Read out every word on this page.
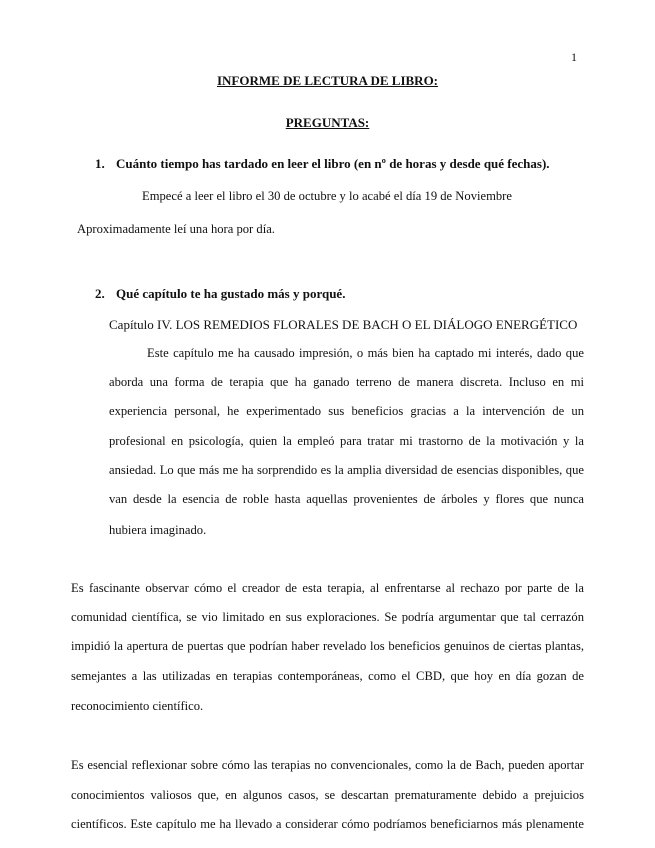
1
INFORME DE LECTURA DE LIBRO:
PREGUNTAS:
1. Cuánto tiempo has tardado en leer el libro (en nº de horas y desde qué fechas).
Empecé a leer el libro el 30 de octubre y lo acabé el día 19 de Noviembre
Aproximadamente leí una hora por día.
2. Qué capítulo te ha gustado más y porqué.
Capítulo IV. LOS REMEDIOS FLORALES DE BACH O EL DIÁLOGO ENERGÉTICO
Este capítulo me ha causado impresión, o más bien ha captado mi interés, dado que
aborda una forma de terapia que ha ganado terreno de manera discreta. Incluso en mi
experiencia personal, he experimentado sus beneficios gracias a la intervención de un
profesional en psicología, quien la empleó para tratar mi trastorno de la motivación y la
ansiedad. Lo que más me ha sorprendido es la amplia diversidad de esencias disponibles, que
van desde la esencia de roble hasta aquellas provenientes de árboles y flores que nunca
hubiera imaginado.
Es fascinante observar cómo el creador de esta terapia, al enfrentarse al rechazo por parte de la
comunidad científica, se vio limitado en sus exploraciones. Se podría argumentar que tal cerrazón
impidió la apertura de puertas que podrían haber revelado los beneficios genuinos de ciertas plantas,
semejantes a las utilizadas en terapias contemporáneas, como el CBD, que hoy en día gozan de
reconocimiento científico.
Es esencial reflexionar sobre cómo las terapias no convencionales, como la de Bach, pueden aportar
conocimientos valiosos que, en algunos casos, se descartan prematuramente debido a prejuicios
científicos. Este capítulo me ha llevado a considerar cómo podríamos beneficiarnos más plenamente
